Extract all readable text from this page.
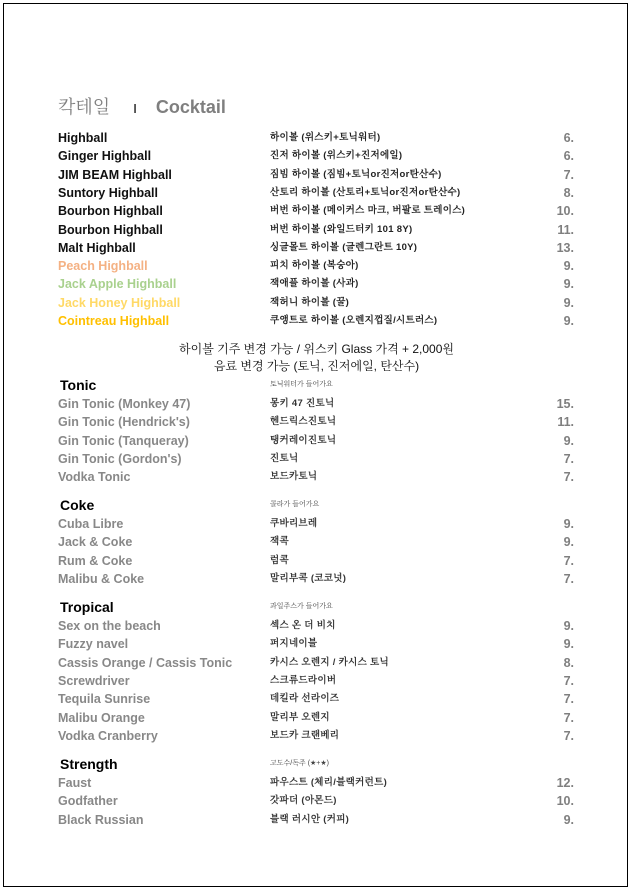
칵테일 I Cocktail
Highball	하이볼 (위스키+토닉워터)	6.
Ginger Highball	진저 하이볼 (위스키+진저에일)	6.
JIM BEAM Highball	짐빔 하이볼 (짐빔+토닉or진저or탄산수)	7.
Suntory Highball	산토리 하이볼 (산토리+토닉or진저or탄산수)	8.
Bourbon Highball	버번 하이볼 (메이커스 마크, 버팔로 트레이스)	10.
Bourbon Highball	버번 하이볼 (와일드터키 101 8Y)	11.
Malt Highball	싱글몰트 하이볼 (글렌그란트 10Y)	13.
Peach Highball	피치 하이볼 (복숭아)	9.
Jack Apple Highball	잭애플 하이볼 (사과)	9.
Jack Honey Highball	잭허니 하이볼 (꿀)	9.
Cointreau Highball	쿠앵트로 하이볼 (오렌지껍질/시트러스)	9.
하이볼 기주 변경 가능 / 위스키 Glass 가격 + 2,000원
음료 변경 가능 (토닉, 진저에일, 탄산수)
Tonic	토닉워터가 들어가요
Gin Tonic (Monkey 47)	몽키 47 진토닉	15.
Gin Tonic (Hendrick's)	헨드릭스진토닉	11.
Gin Tonic (Tanqueray)	탱커레이진토닉	9.
Gin Tonic (Gordon's)	진토닉	7.
Vodka Tonic	보드카토닉	7.
Coke	콜라가 들어가요
Cuba Libre	쿠바리브레	9.
Jack & Coke	잭콕	9.
Rum & Coke	럼콕	7.
Malibu & Coke	말리부콕 (코코넛)	7.
Tropical	과일주스가 들어가요
Sex on the beach	섹스 온 더 비치	9.
Fuzzy navel	퍼지네이블	9.
Cassis Orange / Cassis Tonic	카시스 오렌지 / 카시스 토닉	8.
Screwdriver	스크류드라이버	7.
Tequila Sunrise	데킬라 선라이즈	7.
Malibu Orange	말리부 오렌지	7.
Vodka Cranberry	보드카 크랜베리	7.
Strength	고도수/독주 (★+★)
Faust	파우스트 (체리/블랙커런트)	12.
Godfather	갓파더 (아몬드)	10.
Black Russian	블랙 러시안 (커피)	9.
